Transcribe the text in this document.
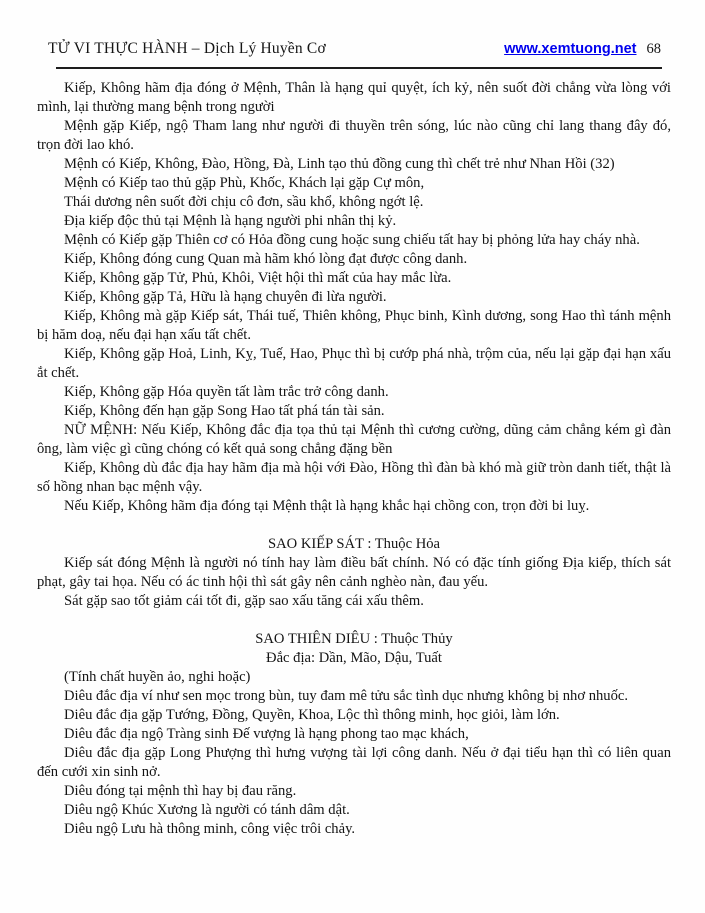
TỬ VI THỰC HÀNH – Dịch Lý Huyền Cơ	www.xemtuong.net 68

Kiếp, Không hãm địa đóng ở Mệnh, Thân là hạng quỉ quyệt, ích kỷ, nên suốt đời chẳng vừa lòng với mình, lại thường mang bệnh trong người

Mệnh gặp Kiếp, ngộ Tham lang như người đi thuyền trên sóng, lúc nào cũng chỉ lang thang đây đó, trọn đời lao khó.

Mệnh có Kiếp, Không, Đào, Hồng, Đà, Linh tạo thủ đồng cung thì chết trẻ như Nhan Hồi (32)

Mệnh có Kiếp tao thủ gặp Phù, Khốc, Khách lại gặp Cự môn,

Thái dương nên suốt đời chịu cô đơn, sầu khổ, không ngớt lệ.

Địa kiếp độc thủ tại Mệnh là hạng người phi nhân thị kỷ.

Mệnh có Kiếp gặp Thiên cơ có Hỏa đồng cung hoặc sung chiếu tất hay bị phỏng lửa hay cháy nhà.

Kiếp, Không đóng cung Quan mà hãm khó lòng đạt được công danh.

Kiếp, Không gặp Tử, Phủ, Khôi, Việt hội thì mất của hay mắc lừa.

Kiếp, Không gặp Tả, Hữu là hạng chuyên đi lừa người.

Kiếp, Không mà gặp Kiếp sát, Thái tuế, Thiên không, Phục binh, Kình dương, song Hao thì tánh mệnh bị hăm doạ, nếu đại hạn xấu tất chết.

Kiếp, Không gặp Hoả, Linh, Kỵ, Tuế, Hao, Phục thì bị cướp phá nhà, trộm của, nếu lại gặp đại hạn xấu ắt chết.

Kiếp, Không gặp Hóa quyền tất làm trắc trở công danh.

Kiếp, Không đến hạn gặp Song Hao tất phá tán tài sản.

NỮ MỆNH: Nếu Kiếp, Không đắc địa tọa thủ tại Mệnh thì cương cường, dũng cảm chẳng kém gì đàn ông, làm việc gì cũng chóng có kết quả song chẳng đặng bền

Kiếp, Không dù đắc địa hay hãm địa mà hội với Đào, Hồng thì đàn bà khó mà giữ tròn danh tiết, thật là số hồng nhan bạc mệnh vậy.

Nếu Kiếp, Không hãm địa đóng tại Mệnh thật là hạng khắc hại chồng con, trọn đời bi luỵ.

SAO KIẾP SÁT : Thuộc Hỏa

Kiếp sát đóng Mệnh là người nó tính hay làm điều bất chính. Nó có đặc tính giống Địa kiếp, thích sát phạt, gây tai họa. Nếu có ác tinh hội thì sát gây nên cảnh nghèo nàn, đau yếu.

Sát gặp sao tốt giảm cái tốt đi, gặp sao xấu tăng cái xấu thêm.

SAO THIÊN DIÊU : Thuộc Thủy

Đắc địa: Dần, Mão, Dậu, Tuất

(Tính chất huyền ảo, nghi hoặc)

Diêu đắc địa ví như sen mọc trong bùn, tuy đam mê tửu sắc tình dục nhưng không bị nhơ nhuốc.

Diêu đắc địa gặp Tướng, Đồng, Quyền, Khoa, Lộc thì thông minh, học giỏi, làm lớn.

Diêu đắc địa ngộ Tràng sinh Đế vượng là hạng phong tao mạc khách,

Diêu đắc địa gặp Long Phượng thì hưng vượng tài lợi công danh. Nếu ở đại tiểu hạn thì có liên quan đến cưới xin sinh nở.

Diêu đóng tại mệnh thì hay bị đau răng.

Diêu ngộ Khúc Xương là người có tánh dâm dật.

Diêu ngộ Lưu hà thông minh, công việc trôi chảy.
